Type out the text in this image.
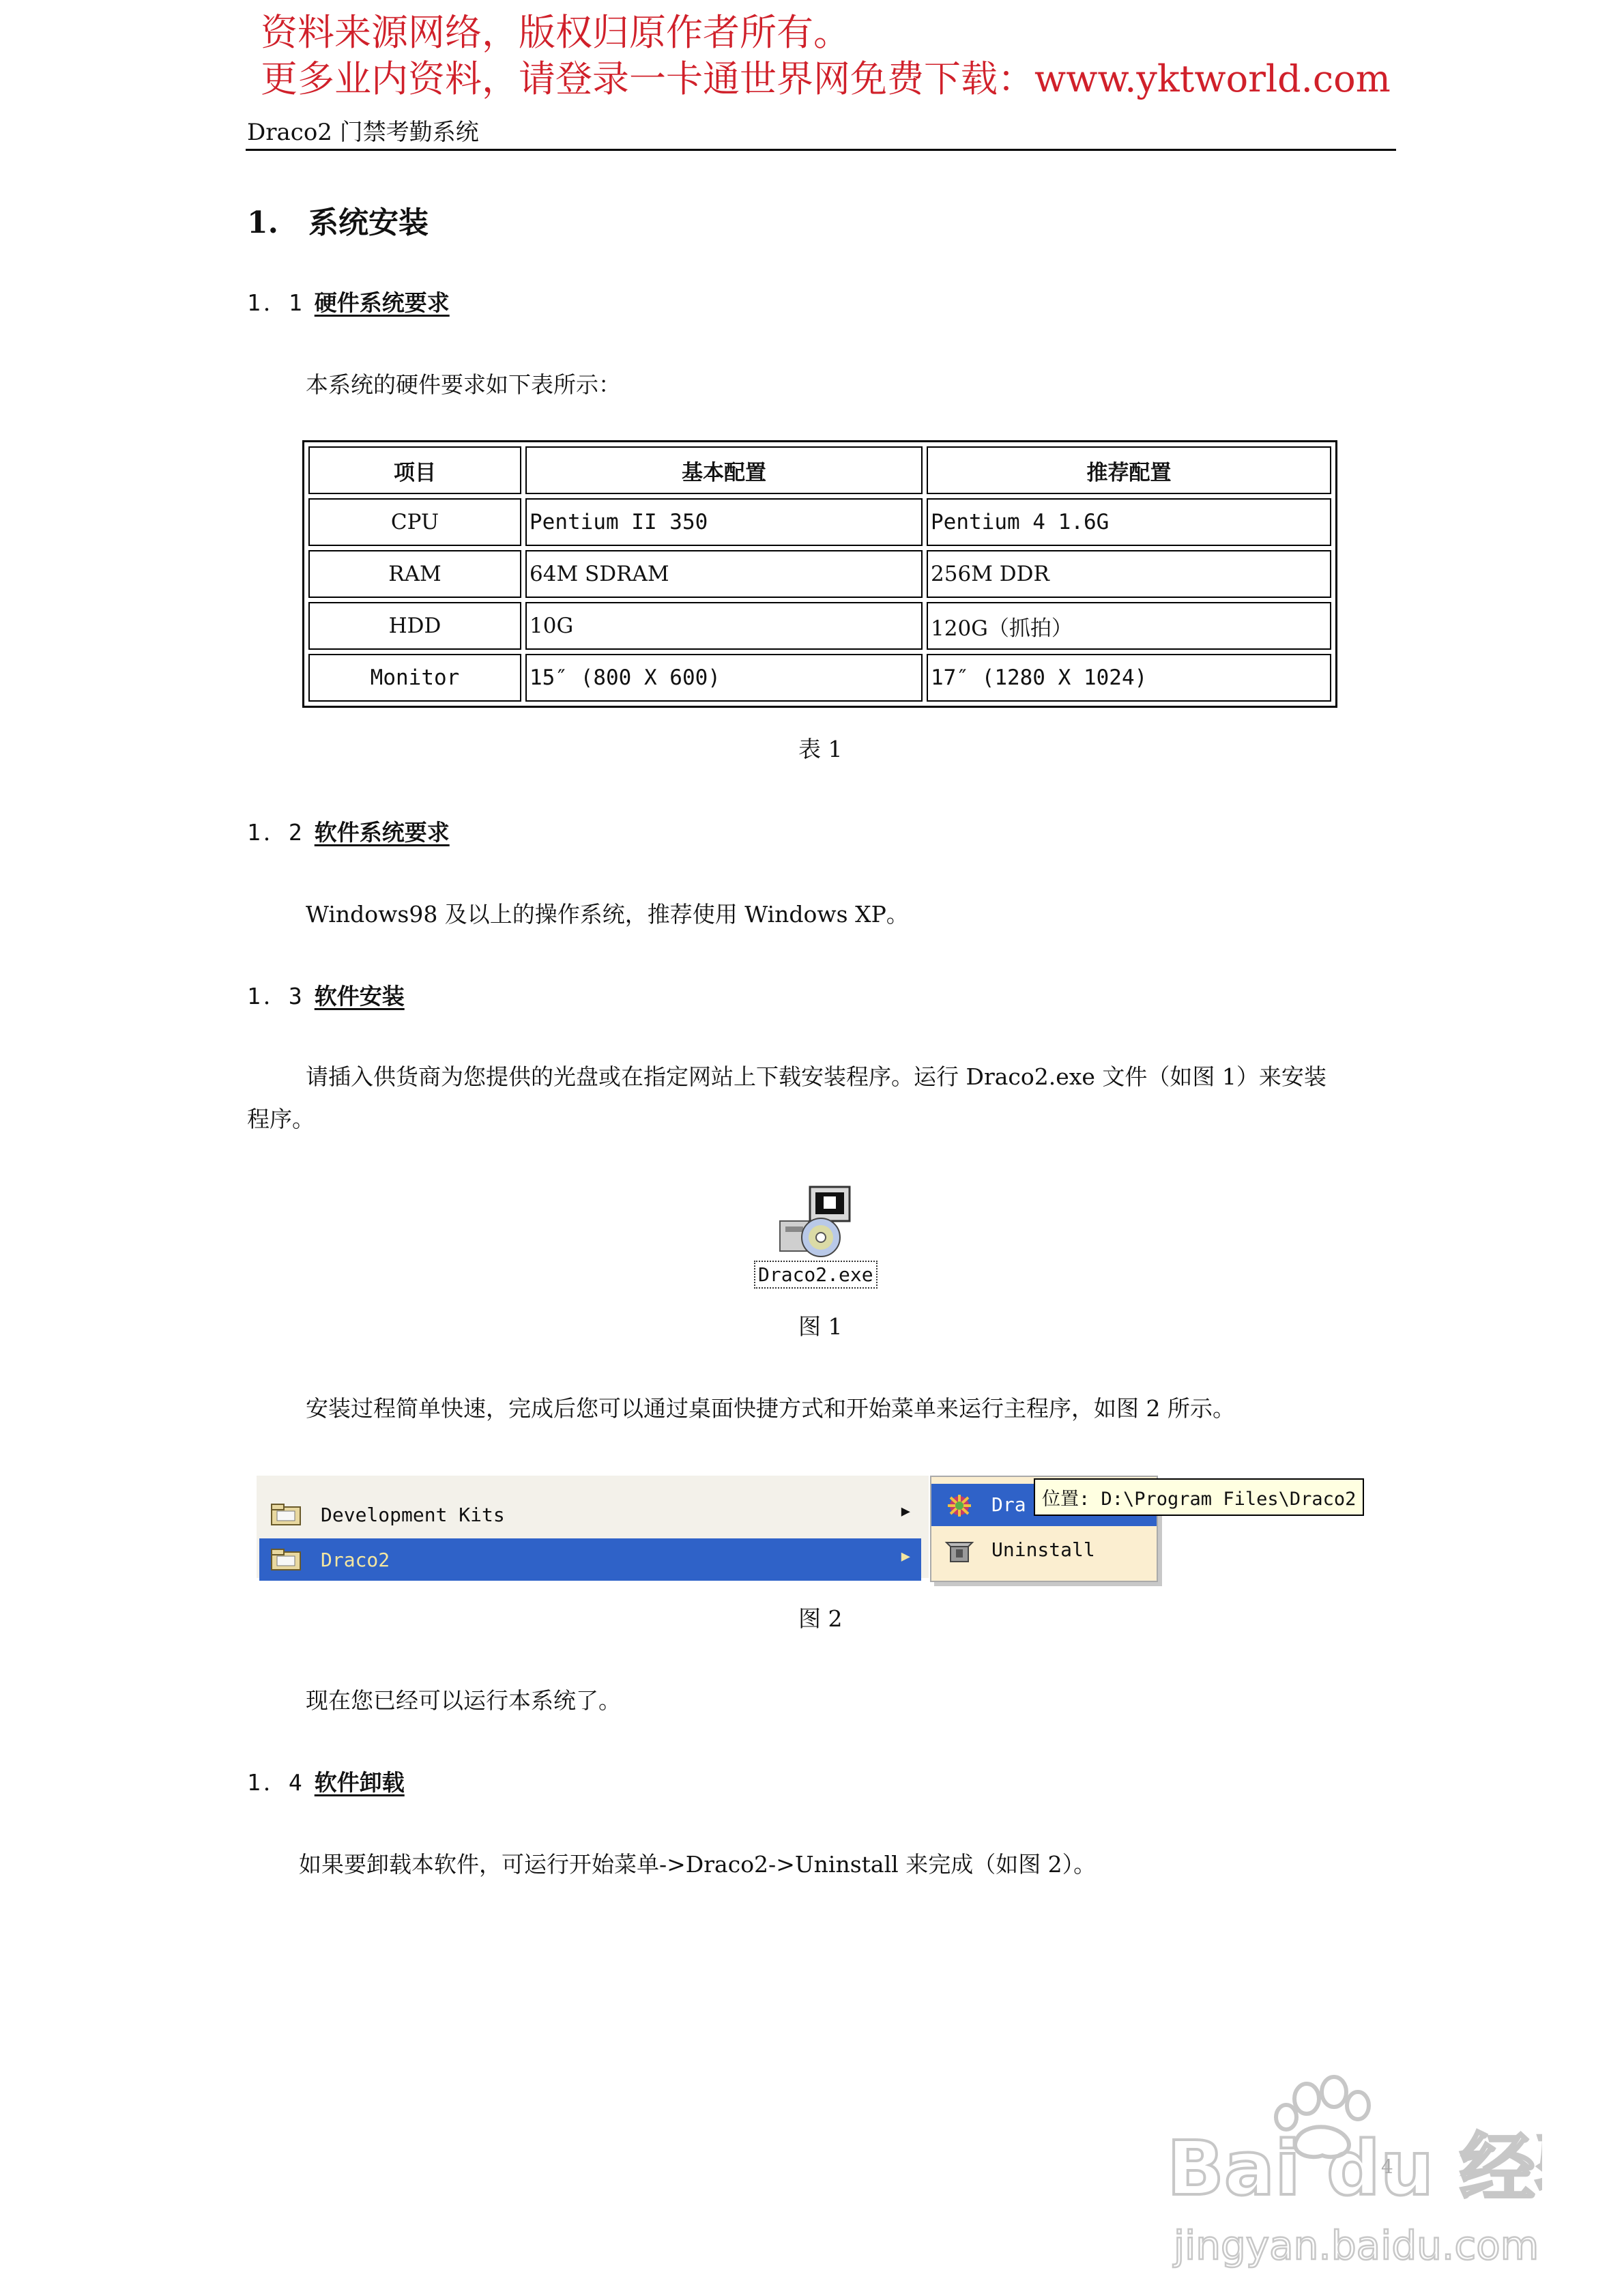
资料来源网络，版权归原作者所有。
更多业内资料，请登录一卡通世界网免费下载：www.yktworld.com
Draco2 门禁考勤系统
1. 系统安装
1．1 硬件系统要求
本系统的硬件要求如下表所示：
项目	基本配置	推荐配置
CPU	Pentium II 350	Pentium 4 1.6G
RAM	64M SDRAM	256M DDR
HDD	10G	120G（抓拍）
Monitor	15″ (800 X 600)	17″ (1280 X 1024)
表 1
1．2 软件系统要求
Windows98 及以上的操作系统，推荐使用 Windows XP。
1．3 软件安装
请插入供货商为您提供的光盘或在指定网站上下载安装程序。运行 Draco2.exe 文件（如图 1）来安装
程序。
Draco2.exe
图 1
安装过程简单快速，完成后您可以通过桌面快捷方式和开始菜单来运行主程序，如图 2 所示。
Development Kits	▶
Draco2	▶
Dra
Uninstall
位置: D:\Program Files\Draco2
图 2
现在您已经可以运行本系统了。
1．4 软件卸载
如果要卸载本软件，可运行开始菜单->Draco2->Uninstall 来完成（如图 2）。
Bai du 经
jingyan.baidu.com
4
